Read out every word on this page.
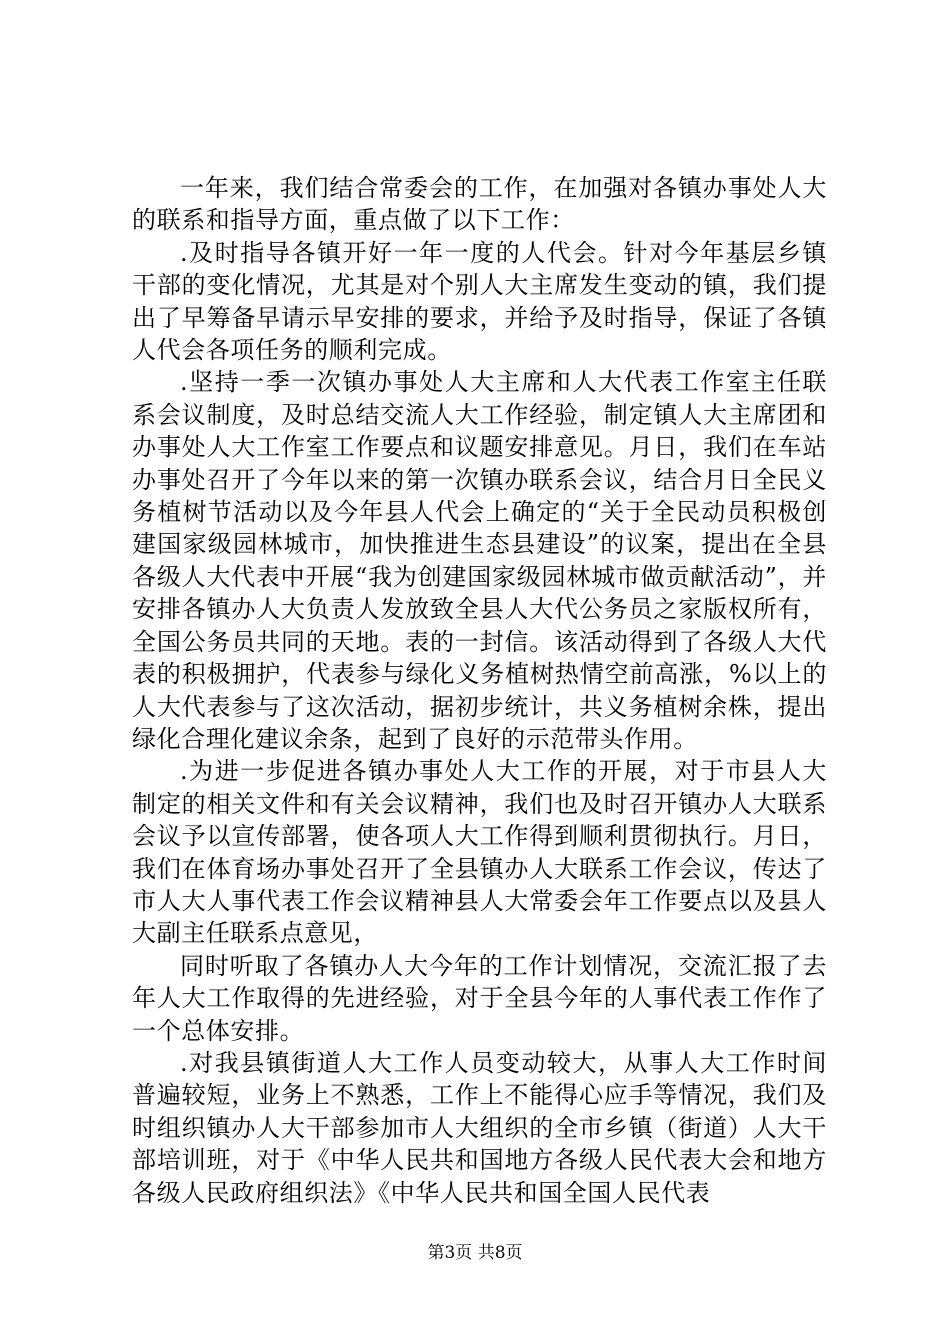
一年来，我们结合常委会的工作，在加强对各镇办事处人大的联系和指导方面，重点做了以下工作：

.及时指导各镇开好一年一度的人代会。针对今年基层乡镇干部的变化情况，尤其是对个别人大主席发生变动的镇，我们提出了早筹备早请示早安排的要求，并给予及时指导，保证了各镇人代会各项任务的顺利完成。

.坚持一季一次镇办事处人大主席和人大代表工作室主任联系会议制度，及时总结交流人大工作经验，制定镇人大主席团和办事处人大工作室工作要点和议题安排意见。月日，我们在车站办事处召开了今年以来的第一次镇办联系会议，结合月日全民义务植树节活动以及今年县人代会上确定的“关于全民动员积极创建国家级园林城市，加快推进生态县建设”的议案，提出在全县各级人大代表中开展“我为创建国家级园林城市做贡献活动”，并安排各镇办人大负责人发放致全县人大代公务员之家版权所有，全国公务员共同的天地。表的一封信。该活动得到了各级人大代表的积极拥护，代表参与绿化义务植树热情空前高涨，%以上的人大代表参与了这次活动，据初步统计，共义务植树余株，提出绿化合理化建议余条，起到了良好的示范带头作用。

.为进一步促进各镇办事处人大工作的开展，对于市县人大制定的相关文件和有关会议精神，我们也及时召开镇办人大联系会议予以宣传部署，使各项人大工作得到顺利贯彻执行。月日，我们在体育场办事处召开了全县镇办人大联系工作会议，传达了市人大人事代表工作会议精神县人大常委会年工作要点以及县人大副主任联系点意见，

同时听取了各镇办人大今年的工作计划情况，交流汇报了去年人大工作取得的先进经验，对于全县今年的人事代表工作作了一个总体安排。

.对我县镇街道人大工作人员变动较大，从事人大工作时间普遍较短，业务上不熟悉，工作上不能得心应手等情况，我们及时组织镇办人大干部参加市人大组织的全市乡镇（街道）人大干部培训班，对于《中华人民共和国地方各级人民代表大会和地方各级人民政府组织法》《中华人民共和国全国人民代表

第3页 共8页
